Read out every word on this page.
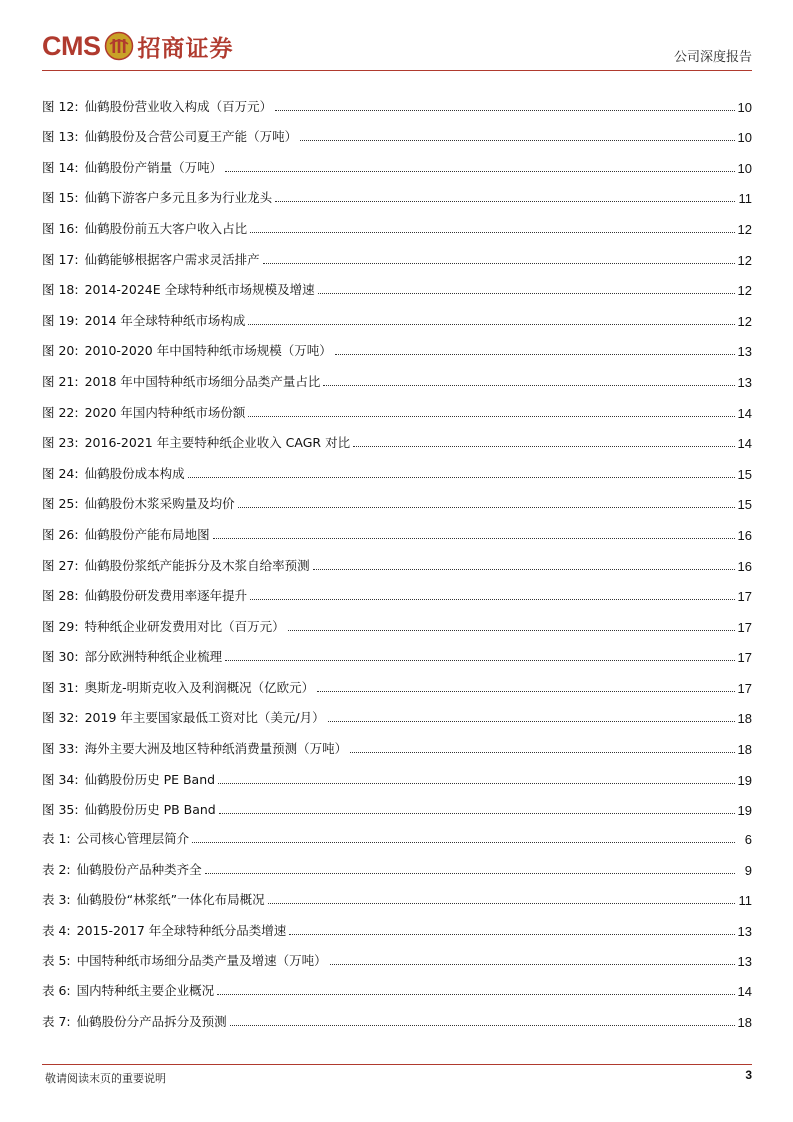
CMS 招商证券	公司深度报告
图 12: 仙鹤股份营业收入构成（百万元）	10
图 13: 仙鹤股份及合营公司夏王产能（万吨）	10
图 14: 仙鹤股份产销量（万吨）	10
图 15: 仙鹤下游客户多元且多为行业龙头	11
图 16: 仙鹤股份前五大客户收入占比	12
图 17: 仙鹤能够根据客户需求灵活排产	12
图 18: 2014-2024E 全球特种纸市场规模及增速	12
图 19: 2014 年全球特种纸市场构成	12
图 20: 2010-2020 年中国特种纸市场规模（万吨）	13
图 21: 2018 年中国特种纸市场细分品类产量占比	13
图 22: 2020 年国内特种纸市场份额	14
图 23: 2016-2021 年主要特种纸企业收入 CAGR 对比	14
图 24: 仙鹤股份成本构成	15
图 25: 仙鹤股份木浆采购量及均价	15
图 26: 仙鹤股份产能布局地图	16
图 27: 仙鹤股份浆纸产能拆分及木浆自给率预测	16
图 28: 仙鹤股份研发费用率逐年提升	17
图 29: 特种纸企业研发费用对比（百万元）	17
图 30: 部分欧洲特种纸企业梳理	17
图 31: 奥斯龙-明斯克收入及利润概况（亿欧元）	17
图 32: 2019 年主要国家最低工资对比（美元/月）	18
图 33: 海外主要大洲及地区特种纸消费量预测（万吨）	18
图 34: 仙鹤股份历史 PE Band	19
图 35: 仙鹤股份历史 PB Band	19
表 1: 公司核心管理层简介	6
表 2: 仙鹤股份产品种类齐全	9
表 3: 仙鹤股份“林浆纸”一体化布局概况	11
表 4: 2015-2017 年全球特种纸分品类增速	13
表 5: 中国特种纸市场细分品类产量及增速（万吨）	13
表 6: 国内特种纸主要企业概况	14
表 7: 仙鹤股份分产品拆分及预测	18
敬请阅读末页的重要说明	3
